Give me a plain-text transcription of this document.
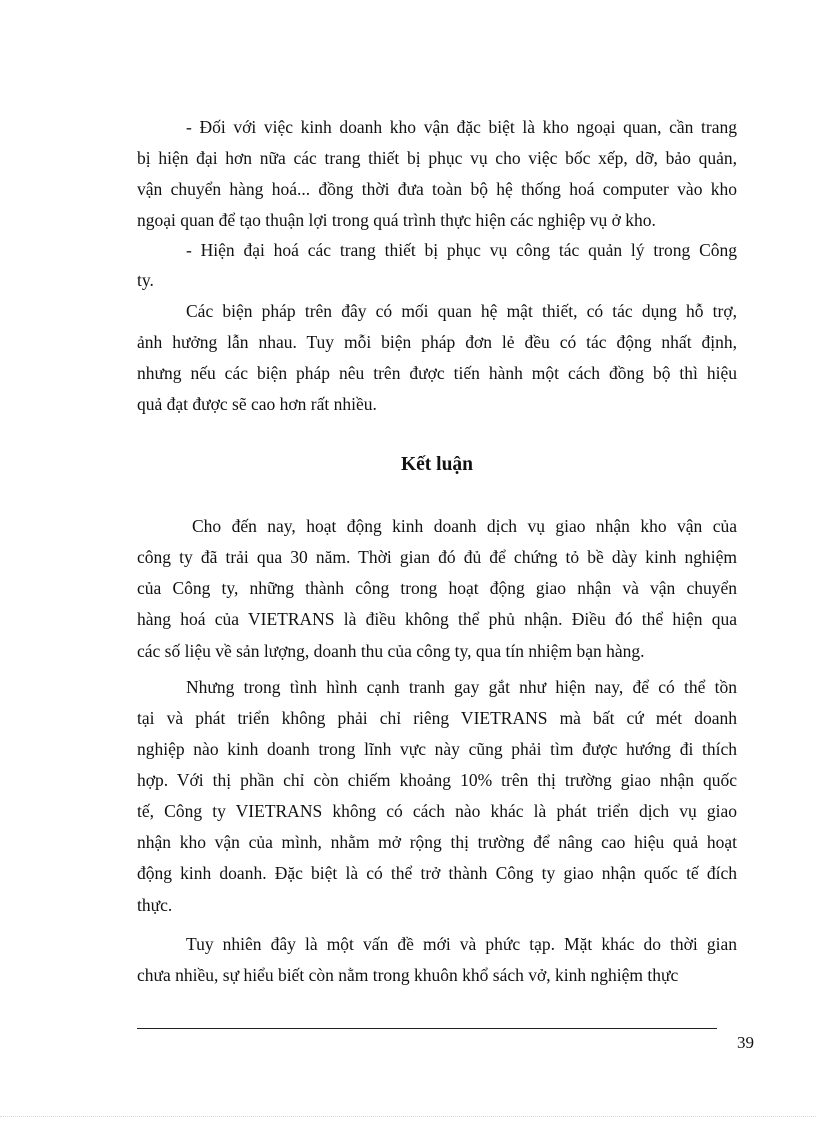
- Đối với việc kinh doanh kho vận đặc biệt là kho ngoại quan, cần trang
bị hiện đại hơn nữa các trang thiết bị phục vụ cho việc bốc xếp, dỡ, bảo quản,
vận chuyển hàng hoá... đồng thời đưa toàn bộ hệ thống hoá computer vào kho
ngoại quan để tạo thuận lợi trong quá trình thực hiện các nghiệp vụ ở kho.
- Hiện đại hoá các trang thiết bị phục vụ công tác quản lý trong Công
ty.
Các biện pháp trên đây có mối quan hệ mật thiết, có tác dụng hỗ trợ,
ảnh hưởng lẫn nhau. Tuy mỗi biện pháp đơn lẻ đều có tác động nhất định,
nhưng nếu các biện pháp nêu trên được tiến hành một cách đồng bộ thì hiệu
quả đạt được sẽ cao hơn rất nhiều.
Kết luận
Cho đến nay, hoạt động kinh doanh dịch vụ giao nhận kho vận của
công ty đã trải qua 30 năm. Thời gian đó đủ để chứng tỏ bề dày kinh nghiệm
của Công ty, những thành công trong hoạt động giao nhận và vận chuyển
hàng hoá của VIETRANS là điều không thể phủ nhận. Điều đó thể hiện qua
các số liệu về sản lượng, doanh thu của công ty, qua tín nhiệm bạn hàng.
Nhưng trong tình hình cạnh tranh gay gắt như hiện nay, để có thể tồn
tại và phát triển không phải chỉ riêng VIETRANS mà bất cứ mét doanh
nghiệp nào kinh doanh trong lĩnh vực này cũng phải tìm được hướng đi thích
hợp. Với thị phần chỉ còn chiếm khoảng 10% trên thị trường giao nhận quốc
tế, Công ty VIETRANS không có cách nào khác là phát triển dịch vụ giao
nhận kho vận của mình, nhằm mở rộng thị trường để nâng cao hiệu quả hoạt
động kinh doanh. Đặc biệt là có thể trở thành Công ty giao nhận quốc tế đích
thực.
Tuy nhiên đây là một vấn đề mới và phức tạp. Mặt khác do thời gian
chưa nhiều, sự hiểu biết còn nằm trong khuôn khổ sách vở, kinh nghiệm thực
39
